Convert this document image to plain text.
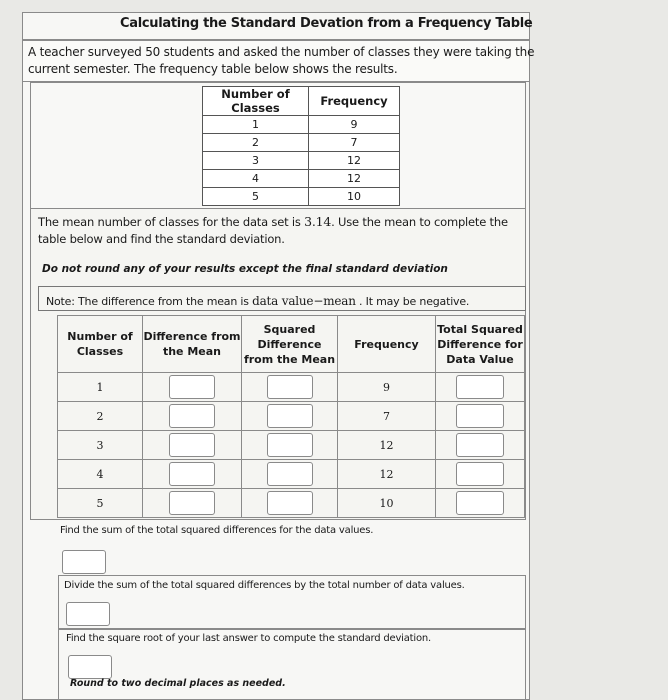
Calculating the Standard Devation from a Frequency Table
A teacher surveyed 50 students and asked the number of classes they were taking the current semester. The frequency table below shows the results.
Number of Classes	Frequency
1	9
2	7
3	12
4	12
5	10
The mean number of classes for the data set is 3.14. Use the mean to complete the table below and find the standard deviation.
Do not round any of your results except the final standard deviation
Note: The difference from the mean is data value−mean . It may be negative.
Number of Classes	Difference from the Mean	Squared Difference from the Mean	Frequency	Total Squared Difference for Data Value
1			9	
2			7	
3			12	
4			12	
5			10	
Find the sum of the total squared differences for the data values.
Divide the sum of the total squared differences by the total number of data values.
Find the square root of your last answer to compute the standard deviation.
Round to two decimal places as needed.
